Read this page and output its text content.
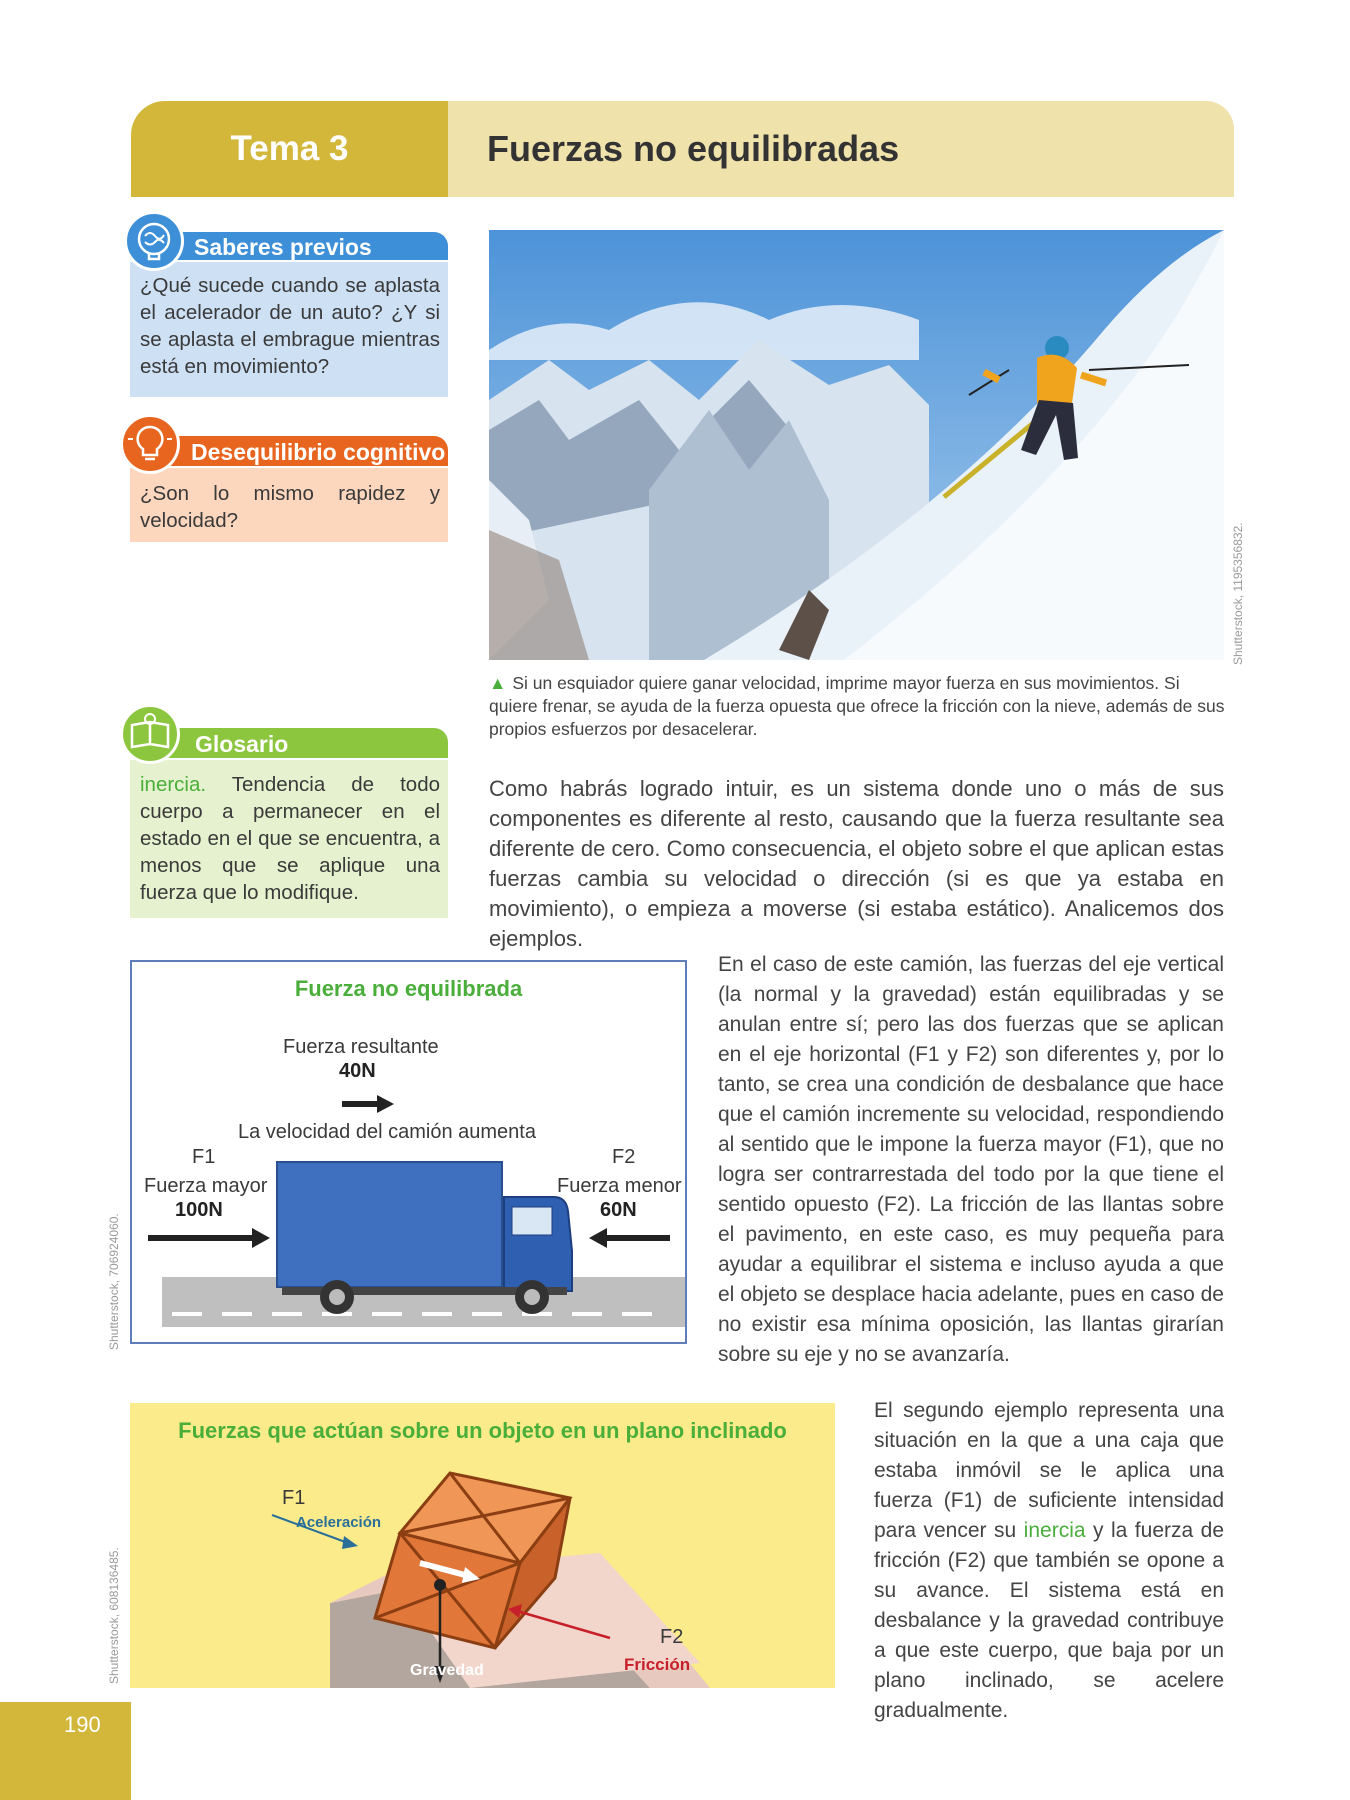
Tema 3	Fuerzas no equilibradas
Saberes previos
¿Qué sucede cuando se aplasta el acelerador de un auto? ¿Y si se aplasta el embrague mientras está en movimiento?
Desequilibrio cognitivo
¿Son lo mismo rapidez y velocidad?
Glosario
inercia. Tendencia de todo cuerpo a permanecer en el estado en el que se encuentra, a menos que se aplique una fuerza que lo modifique.
Shutterstock, 1195356832.
▲ Si un esquiador quiere ganar velocidad, imprime mayor fuerza en sus movimientos. Si quiere frenar, se ayuda de la fuerza opuesta que ofrece la fricción con la nieve, además de sus propios esfuerzos por desacelerar.
Como habrás logrado intuir, es un sistema donde uno o más de sus componentes es diferente al resto, causando que la fuerza resultante sea diferente de cero. Como consecuencia, el objeto sobre el que aplican estas fuerzas cambia su velocidad o dirección (si es que ya estaba en movimiento), o empieza a moverse (si estaba estático). Analicemos dos ejemplos.
En el caso de este camión, las fuerzas del eje vertical (la normal y la gravedad) están equilibradas y se anulan entre sí; pero las dos fuerzas que se aplican en el eje horizontal (F1 y F2) son diferentes y, por lo tanto, se crea una condición de desbalance que hace que el camión incremente su velocidad, respondiendo al sentido que le impone la fuerza mayor (F1), que no logra ser contrarrestada del todo por la que tiene el sentido opuesto (F2). La fricción de las llantas sobre el pavimento, en este caso, es muy pequeña para ayudar a equilibrar el sistema e incluso ayuda a que el objeto se desplace hacia adelante, pues en caso de no existir esa mínima oposición, las llantas girarían sobre su eje y no se avanzaría.
El segundo ejemplo representa una situación en la que a una caja que estaba inmóvil se le aplica una fuerza (F1) de suficiente intensidad para vencer su inercia y la fuerza de fricción (F2) que también se opone a su avance. El sistema está en desbalance y la gravedad contribuye a que este cuerpo, que baja por un plano inclinado, se acelere gradualmente.
Fuerza no equilibrada
Fuerza resultante
40N
La velocidad del camión aumenta
F1
Fuerza mayor
100N
F2
Fuerza menor
60N
Shutterstock, 706924060.
Fuerzas que actúan sobre un objeto en un plano inclinado
F1
Aceleración
F2
Fricción
Gravedad
Shutterstock, 608136485.
190
